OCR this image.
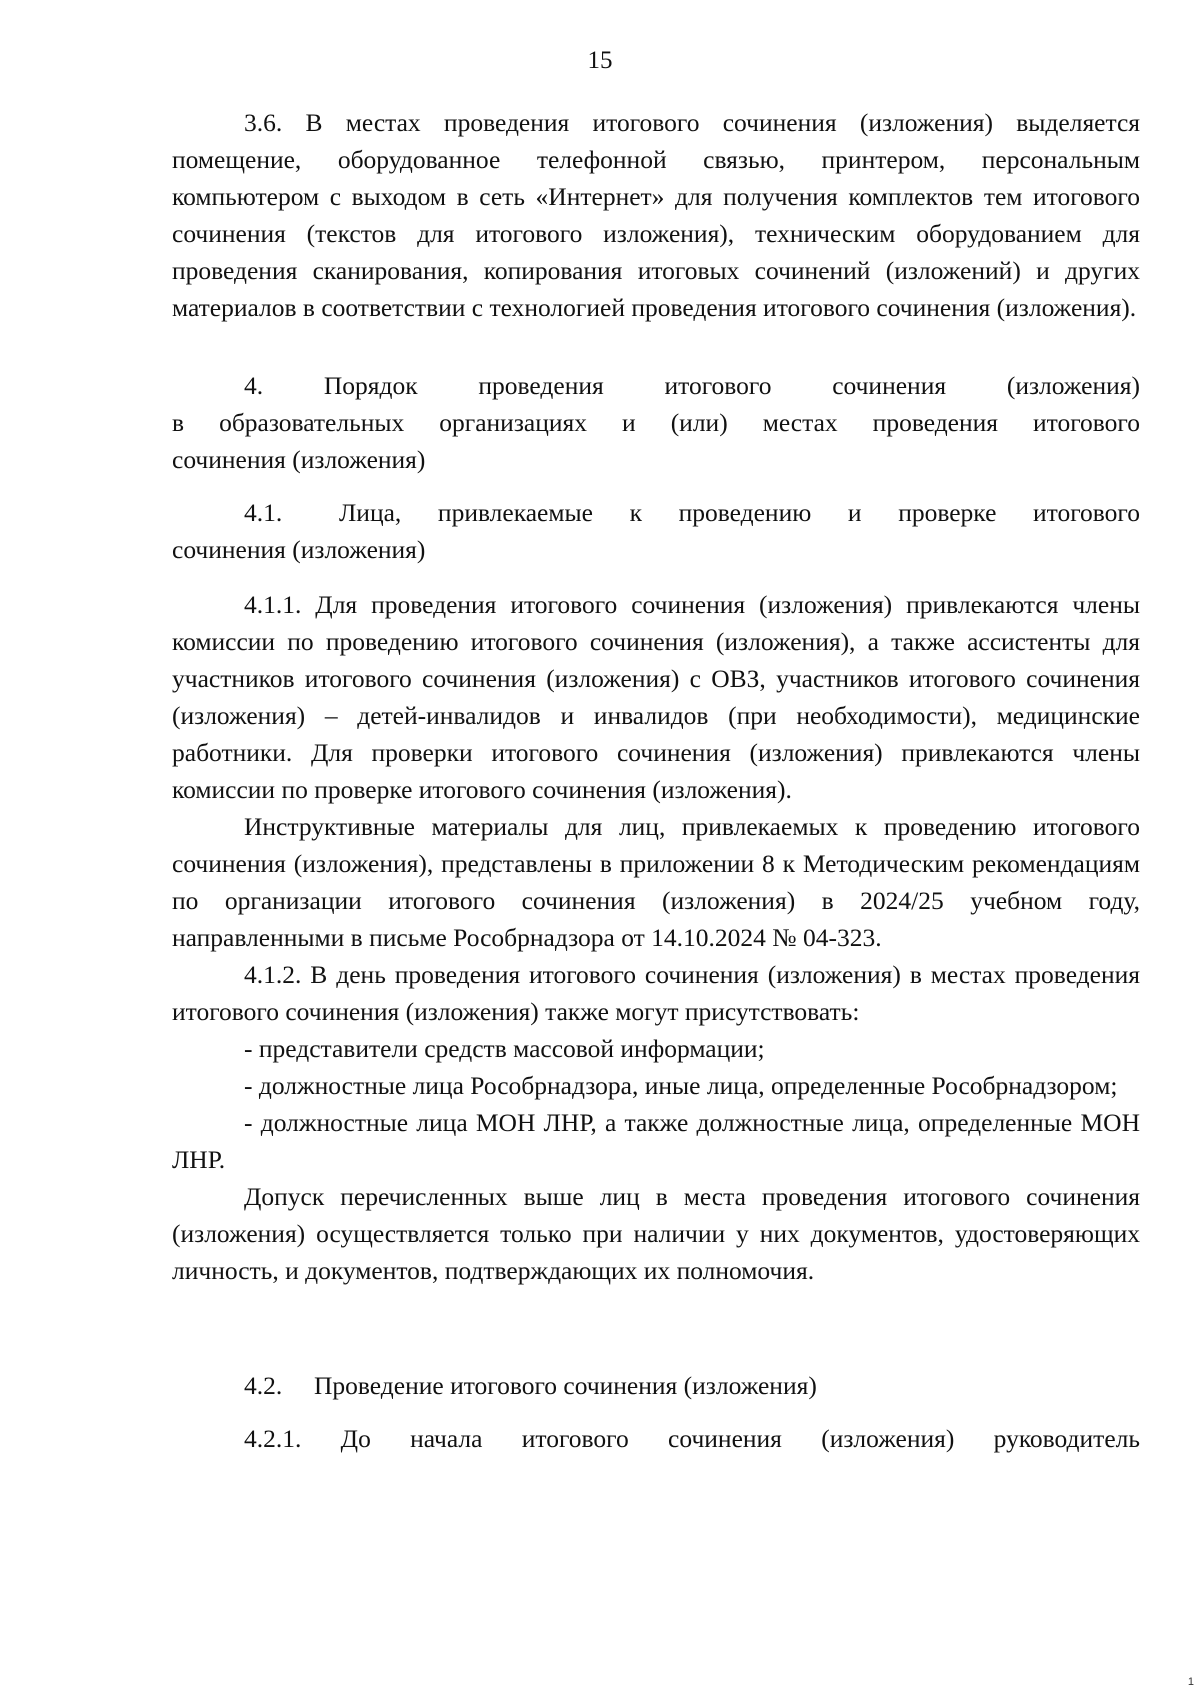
15

3.6. В местах проведения итогового сочинения (изложения) выделяется помещение, оборудованное телефонной связью, принтером, персональным компьютером с выходом в сеть «Интернет» для получения комплектов тем итогового сочинения (текстов для итогового изложения), техническим оборудованием для проведения сканирования, копирования итоговых сочинений (изложений) и других материалов в соответствии с технологией проведения итогового сочинения (изложения).

4. Порядок проведения итогового сочинения (изложения)
в образовательных организациях и (или) местах проведения итогового
сочинения (изложения)
4.1.	Лица, привлекаемые к проведению и проверке итогового
сочинения (изложения)

4.1.1. Для проведения итогового сочинения (изложения) привлекаются члены комиссии по проведению итогового сочинения (изложения), а также ассистенты для участников итогового сочинения (изложения) с ОВЗ, участников итогового сочинения (изложения) – детей-инвалидов и инвалидов (при необходимости), медицинские работники. Для проверки итогового сочинения (изложения) привлекаются члены комиссии по проверке итогового сочинения (изложения).

Инструктивные материалы для лиц, привлекаемых к проведению итогового сочинения (изложения), представлены в приложении 8 к Методическим рекомендациям по организации итогового сочинения (изложения) в 2024/25 учебном году, направленными в письме Рособрнадзора от 14.10.2024 № 04-323.

4.1.2. В день проведения итогового сочинения (изложения) в местах проведения итогового сочинения (изложения) также могут присутствовать:

- представители средств массовой информации;

- должностные лица Рособрнадзора, иные лица, определенные Рособрнадзором;

- должностные лица МОН ЛНР, а также должностные лица, определенные МОН ЛНР.

Допуск перечисленных выше лиц в места проведения итогового сочинения (изложения) осуществляется только при наличии у них документов, удостоверяющих личность, и документов, подтверждающих их полномочия.

4.2. Проведение итогового сочинения (изложения)

4.2.1. До начала итогового сочинения (изложения) руководитель

1
